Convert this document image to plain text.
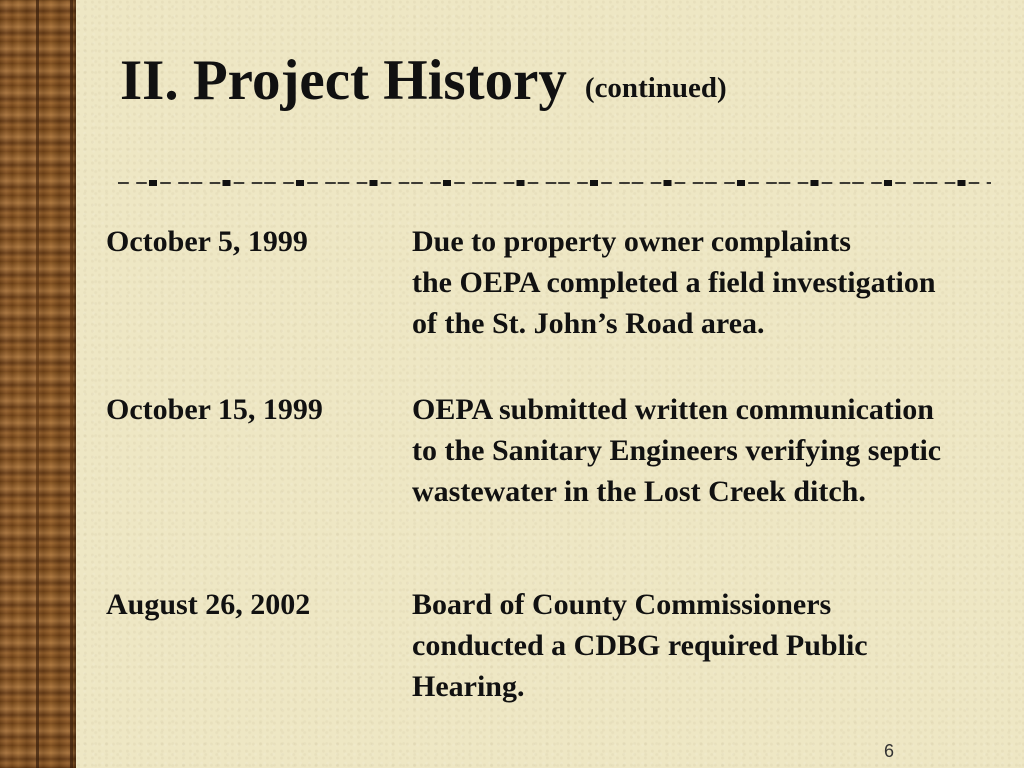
II. Project History (continued)
October 5, 1999	Due to property owner complaints
the OEPA completed a field investigation
of the St. John’s Road area.
October 15, 1999	OEPA submitted written communication
to the Sanitary Engineers verifying septic
wastewater in the Lost Creek ditch.
August 26, 2002	Board of County Commissioners
conducted a CDBG required Public
Hearing.
6
